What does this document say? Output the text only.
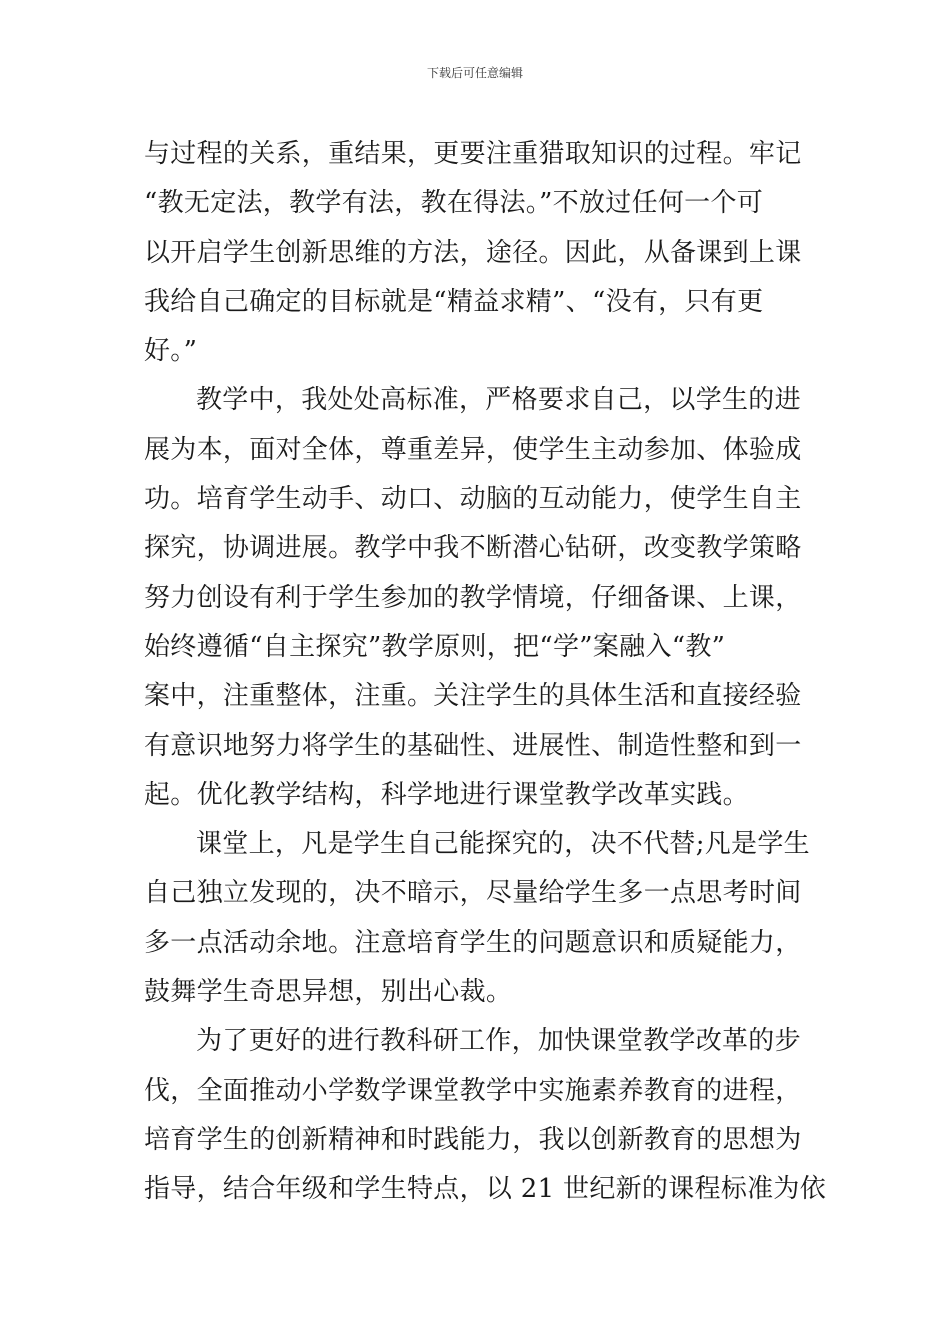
下载后可任意编辑
与过程的关系，重结果，更要注重猎取知识的过程。牢记
“教无定法，教学有法，教在得法。”不放过任何一个可
以开启学生创新思维的方法，途径。因此，从备课到上课
我给自己确定的目标就是“精益求精”、“没有，只有更
好。”
教学中，我处处高标准，严格要求自己，以学生的进
展为本，面对全体，尊重差异，使学生主动参加、体验成
功。培育学生动手、动口、动脑的互动能力，使学生自主
探究，协调进展。教学中我不断潜心钻研，改变教学策略
努力创设有利于学生参加的教学情境，仔细备课、上课，
始终遵循“自主探究”教学原则，把“学”案融入“教”
案中，注重整体，注重。关注学生的具体生活和直接经验
有意识地努力将学生的基础性、进展性、制造性整和到一
起。优化教学结构，科学地进行课堂教学改革实践。
课堂上，凡是学生自己能探究的，决不代替;凡是学生
自己独立发现的，决不暗示，尽量给学生多一点思考时间
多一点活动余地。注意培育学生的问题意识和质疑能力，
鼓舞学生奇思异想，别出心裁。
为了更好的进行教科研工作，加快课堂教学改革的步
伐，全面推动小学数学课堂教学中实施素养教育的进程，
培育学生的创新精神和时践能力，我以创新教育的思想为
指导，结合年级和学生特点，以 21 世纪新的课程标准为依
